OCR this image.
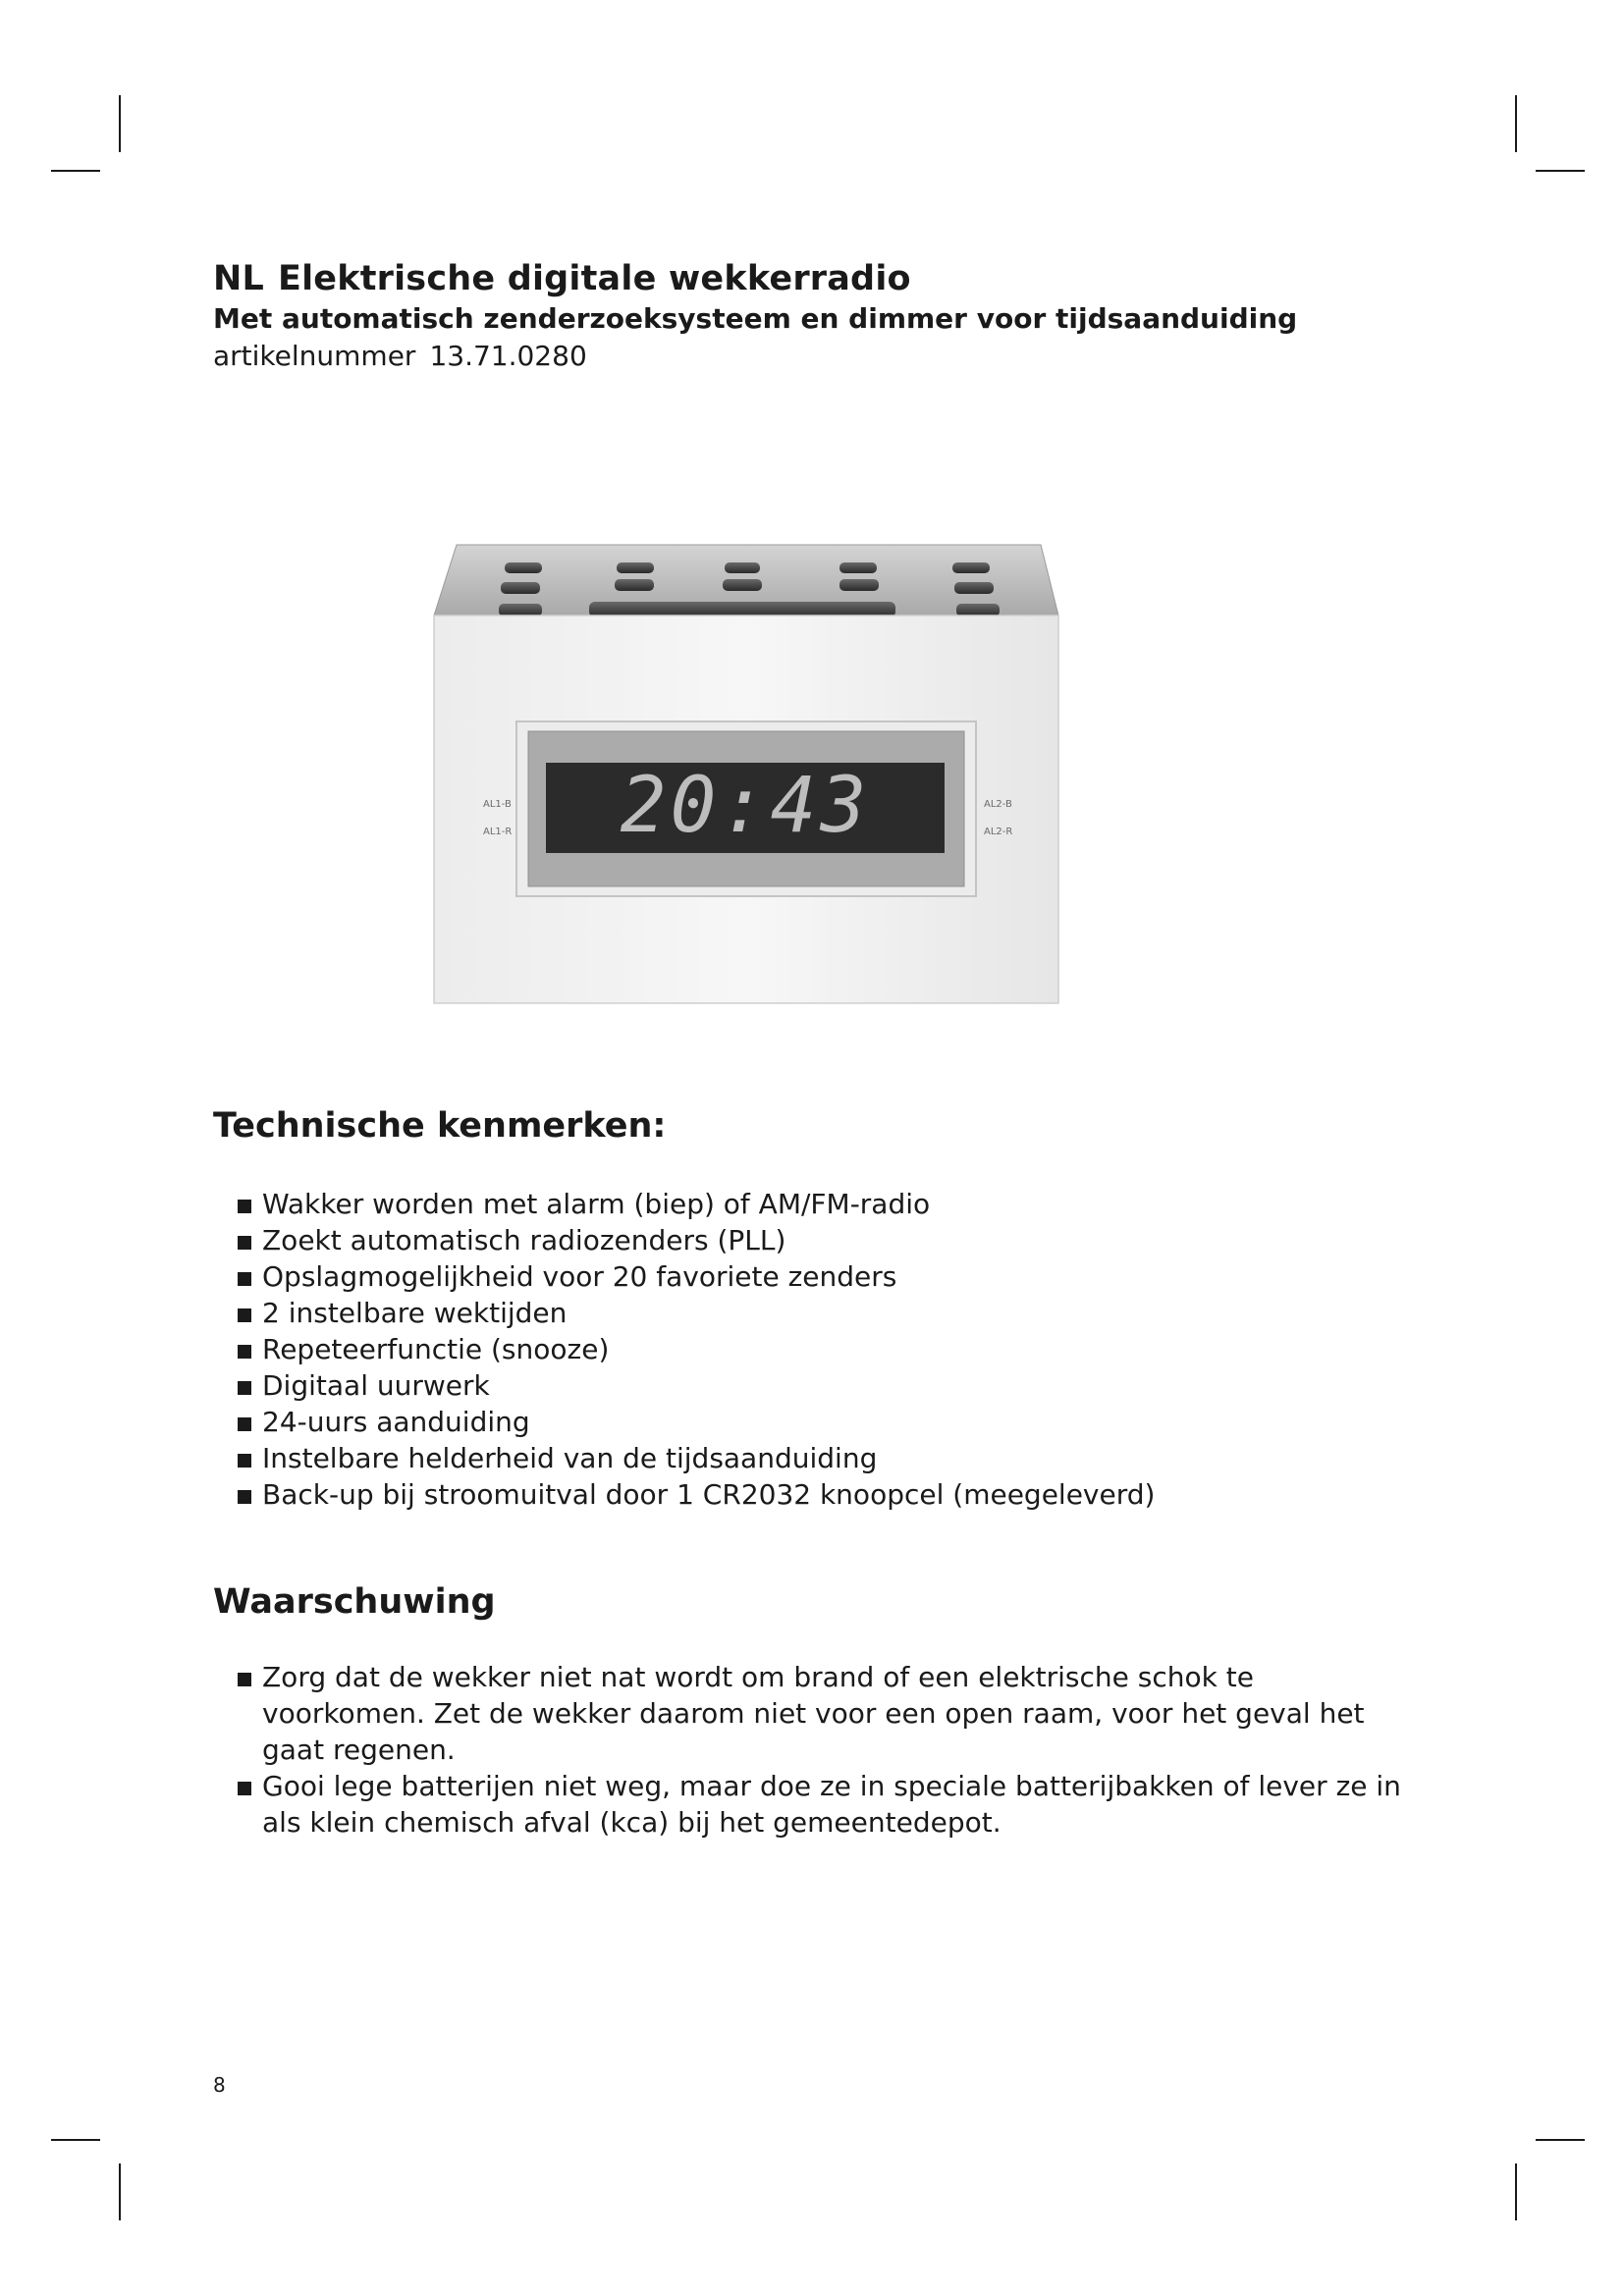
NL Elektrische digitale wekkerradio
Met automatisch zenderzoeksysteem en dimmer voor tijdsaanduiding
artikelnummer 13.71.0280
20:43
AL1-B
AL1-R
AL2-B
AL2-R
Technische kenmerken:
Wakker worden met alarm (biep) of AM/FM-radio
Zoekt automatisch radiozenders (PLL)
Opslagmogelijkheid voor 20 favoriete zenders
2 instelbare wektijden
Repeteerfunctie (snooze)
Digitaal uurwerk
24-uurs aanduiding
Instelbare helderheid van de tijdsaanduiding
Back-up bij stroomuitval door 1 CR2032 knoopcel (meegeleverd)
Waarschuwing
Zorg dat de wekker niet nat wordt om brand of een elektrische schok te voorkomen. Zet de wekker daarom niet voor een open raam, voor het geval het gaat regenen.
Gooi lege batterijen niet weg, maar doe ze in speciale batterijbakken of lever ze in als klein chemisch afval (kca) bij het gemeentedepot.
8
